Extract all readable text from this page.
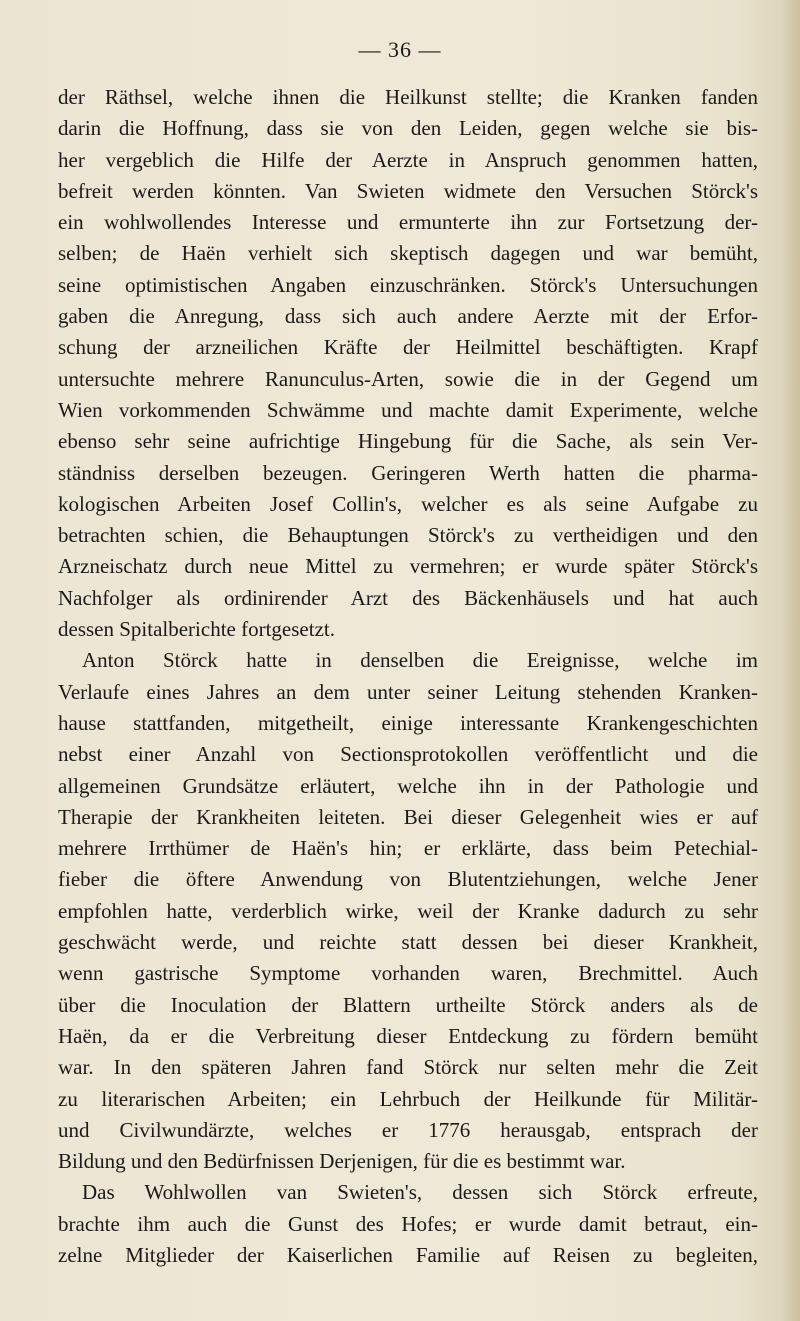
— 36 —
der Räthsel, welche ihnen die Heilkunst stellte; die Kranken fanden
darin die Hoffnung, dass sie von den Leiden, gegen welche sie bis-
her vergeblich die Hilfe der Aerzte in Anspruch genommen hatten,
befreit werden könnten. Van Swieten widmete den Versuchen Störck's
ein wohlwollendes Interesse und ermunterte ihn zur Fortsetzung der-
selben; de Haën verhielt sich skeptisch dagegen und war bemüht,
seine optimistischen Angaben einzuschränken. Störck's Untersuchungen
gaben die Anregung, dass sich auch andere Aerzte mit der Erfor-
schung der arzneilichen Kräfte der Heilmittel beschäftigten. Krapf
untersuchte mehrere Ranunculus-Arten, sowie die in der Gegend um
Wien vorkommenden Schwämme und machte damit Experimente, welche
ebenso sehr seine aufrichtige Hingebung für die Sache, als sein Ver-
ständniss derselben bezeugen. Geringeren Werth hatten die pharma-
kologischen Arbeiten Josef Collin's, welcher es als seine Aufgabe zu
betrachten schien, die Behauptungen Störck's zu vertheidigen und den
Arzneischatz durch neue Mittel zu vermehren; er wurde später Störck's
Nachfolger als ordinirender Arzt des Bäckenhäusels und hat auch
dessen Spitalberichte fortgesetzt.
Anton Störck hatte in denselben die Ereignisse, welche im
Verlaufe eines Jahres an dem unter seiner Leitung stehenden Kranken-
hause stattfanden, mitgetheilt, einige interessante Krankengeschichten
nebst einer Anzahl von Sectionsprotokollen veröffentlicht und die
allgemeinen Grundsätze erläutert, welche ihn in der Pathologie und
Therapie der Krankheiten leiteten. Bei dieser Gelegenheit wies er auf
mehrere Irrthümer de Haën's hin; er erklärte, dass beim Petechial-
fieber die öftere Anwendung von Blutentziehungen, welche Jener
empfohlen hatte, verderblich wirke, weil der Kranke dadurch zu sehr
geschwächt werde, und reichte statt dessen bei dieser Krankheit,
wenn gastrische Symptome vorhanden waren, Brechmittel. Auch
über die Inoculation der Blattern urtheilte Störck anders als de
Haën, da er die Verbreitung dieser Entdeckung zu fördern bemüht
war. In den späteren Jahren fand Störck nur selten mehr die Zeit
zu literarischen Arbeiten; ein Lehrbuch der Heilkunde für Militär-
und Civilwundärzte, welches er 1776 herausgab, entsprach der
Bildung und den Bedürfnissen Derjenigen, für die es bestimmt war.
Das Wohlwollen van Swieten's, dessen sich Störck erfreute,
brachte ihm auch die Gunst des Hofes; er wurde damit betraut, ein-
zelne Mitglieder der Kaiserlichen Familie auf Reisen zu begleiten,
